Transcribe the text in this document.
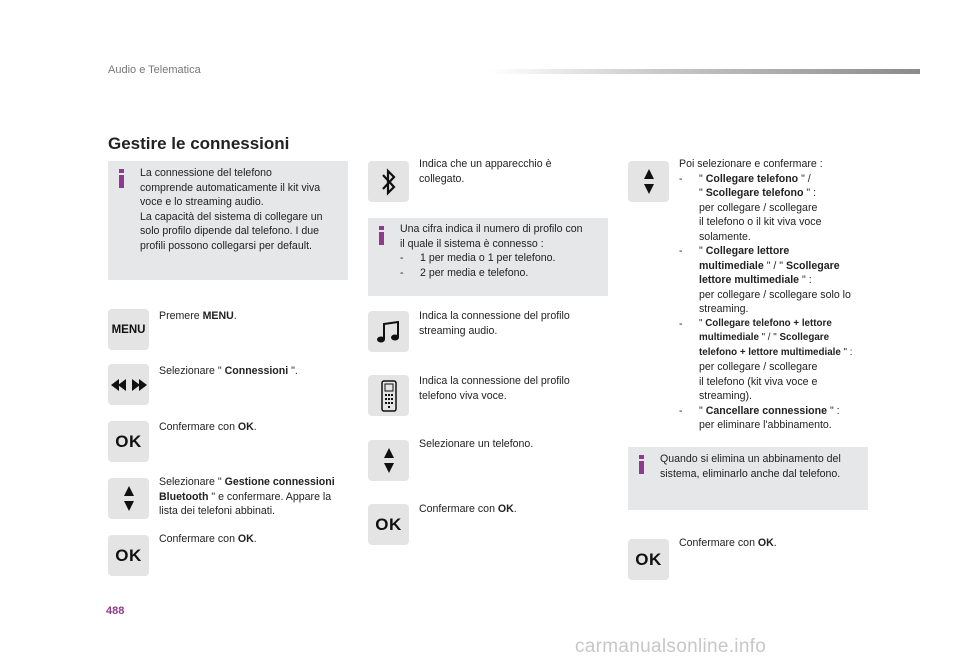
Audio e Telematica
Gestire le connessioni
La connessione del telefono
comprende automaticamente il kit viva
voce e lo streaming audio.
La capacità del sistema di collegare un
solo profilo dipende dal telefono. I due
profili possono collegarsi per default.
MENU
Premere MENU.
Selezionare " Connessioni ".
OK
Confermare con OK.
Selezionare " Gestione connessioni
Bluetooth " e confermare. Appare la
lista dei telefoni abbinati.
OK
Confermare con OK.
Indica che un apparecchio è
collegato.
Una cifra indica il numero di profilo con
il quale il sistema è connesso :
-	1 per media o 1 per telefono.
-	2 per media e telefono.
Indica la connessione del profilo
streaming audio.
Indica la connessione del profilo
telefono viva voce.
Selezionare un telefono.
OK
Confermare con OK.
Poi selezionare e confermare :
-	" Collegare telefono " /
" Scollegare telefono " :
per collegare / scollegare
il telefono o il kit viva voce
solamente.
-	" Collegare lettore
multimediale " / " Scollegare
lettore multimediale " :
per collegare / scollegare solo lo
streaming.
-	" Collegare telefono + lettore
multimediale " / " Scollegare
telefono + lettore multimediale " :
per collegare / scollegare
il telefono (kit viva voce e
streaming).
-	" Cancellare connessione " :
per eliminare l'abbinamento.
Quando si elimina un abbinamento del
sistema, eliminarlo anche dal telefono.
OK
Confermare con OK.
488
carmanualsonline.info
